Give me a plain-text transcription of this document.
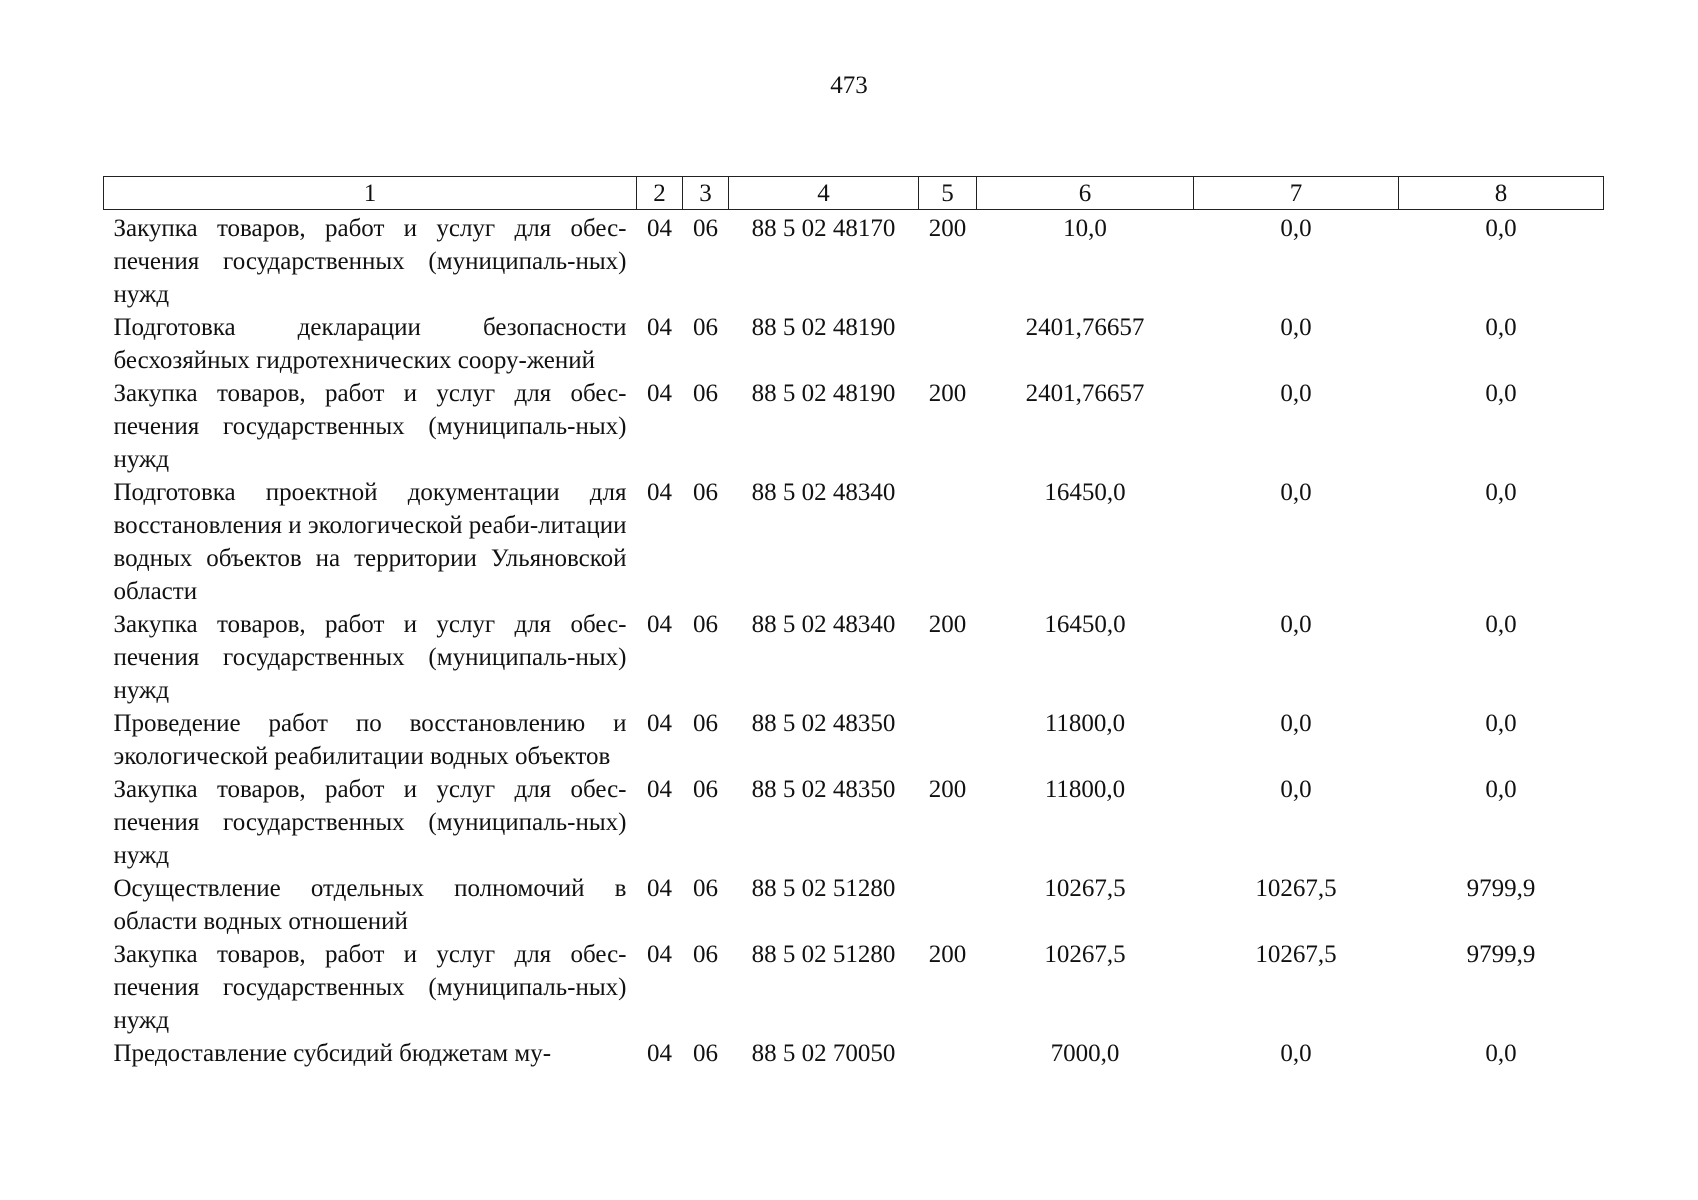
473
1	2	3	4	5	6	7	8
Закупка товаров, работ и услуг для обес-печения государственных (муниципаль-ных) нужд	04	06	88 5 02 48170	200	10,0	0,0	0,0
Подготовка декларации безопасности бесхозяйных гидротехнических соору-жений	04	06	88 5 02 48190		2401,76657	0,0	0,0
Закупка товаров, работ и услуг для обес-печения государственных (муниципаль-ных) нужд	04	06	88 5 02 48190	200	2401,76657	0,0	0,0
Подготовка проектной документации для восстановления и экологической реаби-литации водных объектов на территории Ульяновской области	04	06	88 5 02 48340		16450,0	0,0	0,0
Закупка товаров, работ и услуг для обес-печения государственных (муниципаль-ных) нужд	04	06	88 5 02 48340	200	16450,0	0,0	0,0
Проведение работ по восстановлению и экологической реабилитации водных объектов	04	06	88 5 02 48350		11800,0	0,0	0,0
Закупка товаров, работ и услуг для обес-печения государственных (муниципаль-ных) нужд	04	06	88 5 02 48350	200	11800,0	0,0	0,0
Осуществление отдельных полномочий в области водных отношений	04	06	88 5 02 51280		10267,5	10267,5	9799,9
Закупка товаров, работ и услуг для обес-печения государственных (муниципаль-ных) нужд	04	06	88 5 02 51280	200	10267,5	10267,5	9799,9
Предоставление субсидий бюджетам му-	04	06	88 5 02 70050		7000,0	0,0	0,0
